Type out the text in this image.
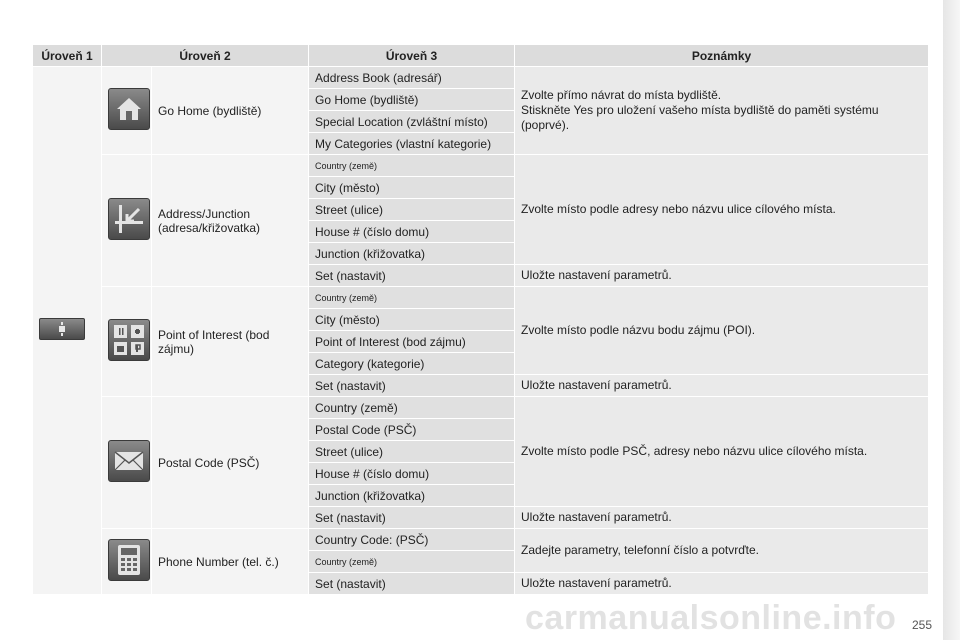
Úroveň 1	Úroveň 2		Úroveň 3	Poznámky

	Go Home (bydliště)	Address Book (adresář)	Zvolte přímo návrat do místa bydliště.

Stiskněte Yes pro uložení vašeho místa bydliště do paměti systému (poprvé).

			Go Home (bydliště)	
			Special Location (zvláštní místo)	
			My Categories (vlastní kategorie)	

	Address/Junction (adresa/křižovatka)	Country (země)	Zvolte místo podle adresy nebo názvu ulice cílového místa.
			City (město)	
			Street (ulice)	
			House # (číslo domu)	
			Junction (křižovatka)	
			Set (nastavit)	Uložte nastavení parametrů.

	Point of Interest (bod zájmu)	Country (země)	Zvolte místo podle názvu bodu zájmu (POI).
			City (město)	
			Point of Interest (bod zájmu)	
			Category (kategorie)	
			Set (nastavit)	Uložte nastavení parametrů.

	Postal Code (PSČ)	Country (země)	Zvolte místo podle PSČ, adresy nebo názvu ulice cílového místa.
			Postal Code (PSČ)	
			Street (ulice)	
			House # (číslo domu)	
			Junction (křižovatka)	
			Set (nastavit)	Uložte nastavení parametrů.

	Phone Number (tel. č.)	Country Code: (PSČ)	Zadejte parametry, telefonní číslo a potvrďte.
			Country (země)	
			Set (nastavit)	Uložte nastavení parametrů.
carmanualsonline.info 255
